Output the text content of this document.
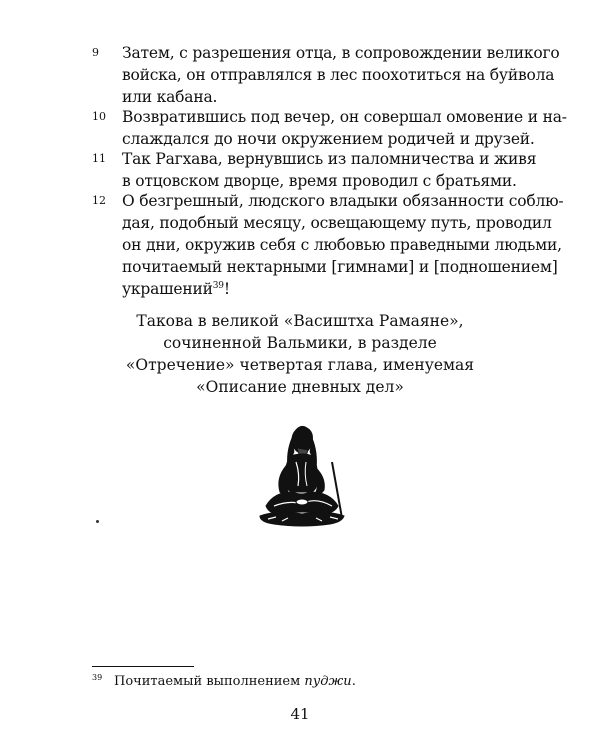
9	Затем, с разрешения отца, в сопровождении великого
войска, он отправлялся в лес поохотиться на буйвола
или кабана.
10	Возвратившись под вечер, он совершал омовение и на-
слаждался до ночи окружением родичей и друзей.
11	Так Рагхава, вернувшись из паломничества и живя
в отцовском дворце, время проводил с братьями.
12	О безгрешный, людского владыки обязанности соблю-
дая, подобный месяцу, освещающему путь, проводил
он дни, окружив себя с любовью праведными людьми,
почитаемый нектарными [гимнами] и [подношением]
украшений$^{39}$!
Такова в великой «Васиштха Рамаяне»,
сочиненной Вальмики, в разделе
«Отречение» четвертая глава, именуемая
«Описание дневных дел»
39 Почитаемый выполнением пуджи.
41
